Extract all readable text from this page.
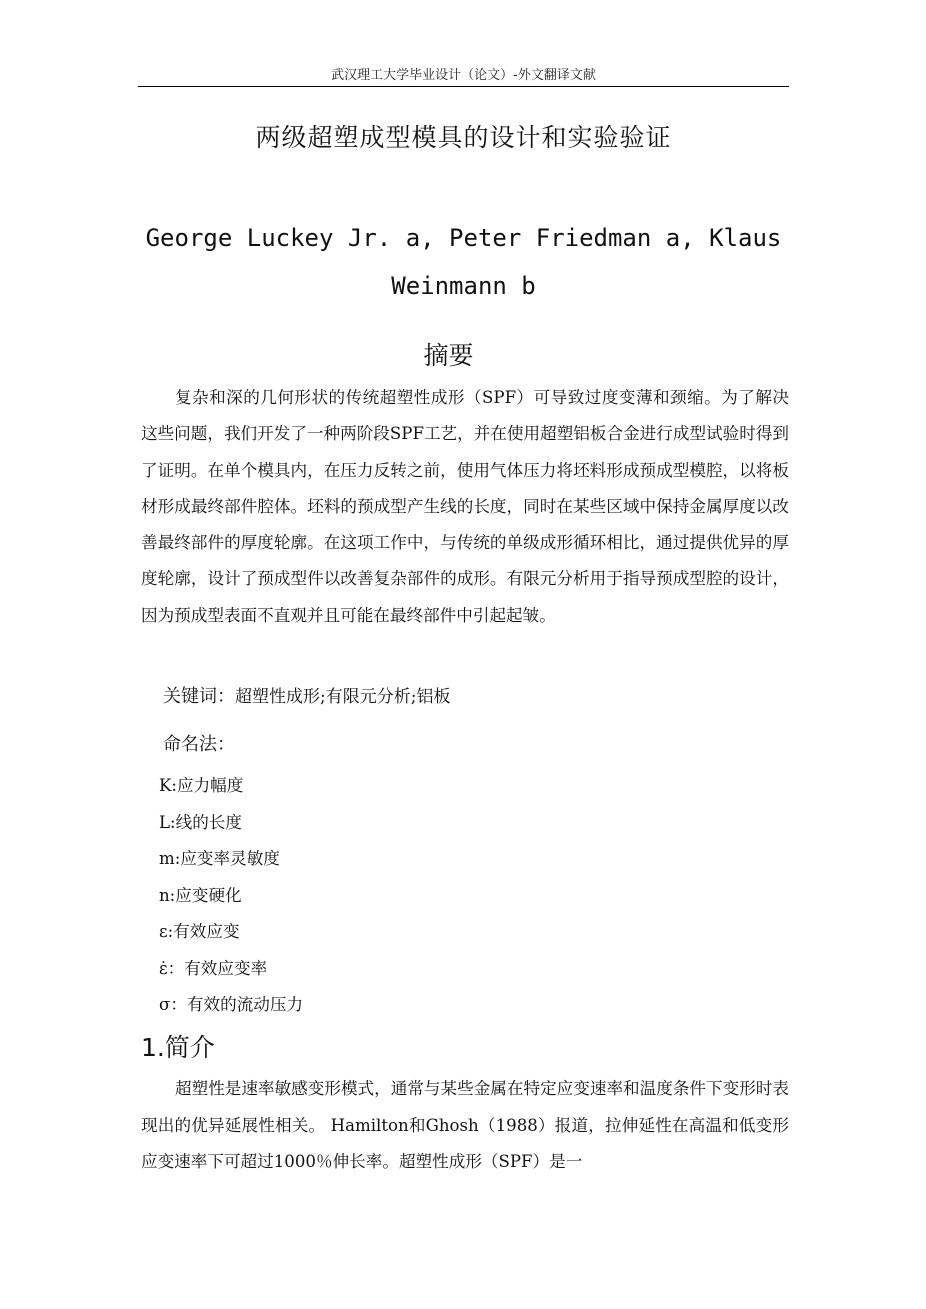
武汉理工大学毕业设计（论文）-外文翻译文献
两级超塑成型模具的设计和实验验证
George Luckey Jr. a, Peter Friedman a, Klaus
Weinmann b
摘要

复杂和深的几何形状的传统超塑性成形（SPF）可导致过度变薄和颈缩。为了解决这些问题，我们开发了一种两阶段SPF工艺，并在使用超塑铝板合金进行成型试验时得到了证明。在单个模具内，在压力反转之前，使用气体压力将坯料形成预成型模腔，以将板材形成最终部件腔体。坯料的预成型产生线的长度，同时在某些区域中保持金属厚度以改善最终部件的厚度轮廓。在这项工作中，与传统的单级成形循环相比，通过提供优异的厚度轮廓，设计了预成型件以改善复杂部件的成形。有限元分析用于指导预成型腔的设计，因为预成型表面不直观并且可能在最终部件中引起起皱。

关键词：超塑性成形;有限元分析;铝板
命名法：
K:应力幅度
L:线的长度
m:应变率灵敏度
n:应变硬化
ε:有效应变
ε̇：有效应变率
σ：有效的流动压力
1.简介

超塑性是速率敏感变形模式，通常与某些金属在特定应变速率和温度条件下变形时表现出的优异延展性相关。 Hamilton和Ghosh（1988）报道，拉伸延性在高温和低变形应变速率下可超过1000％伸长率。超塑性成形（SPF）是一
